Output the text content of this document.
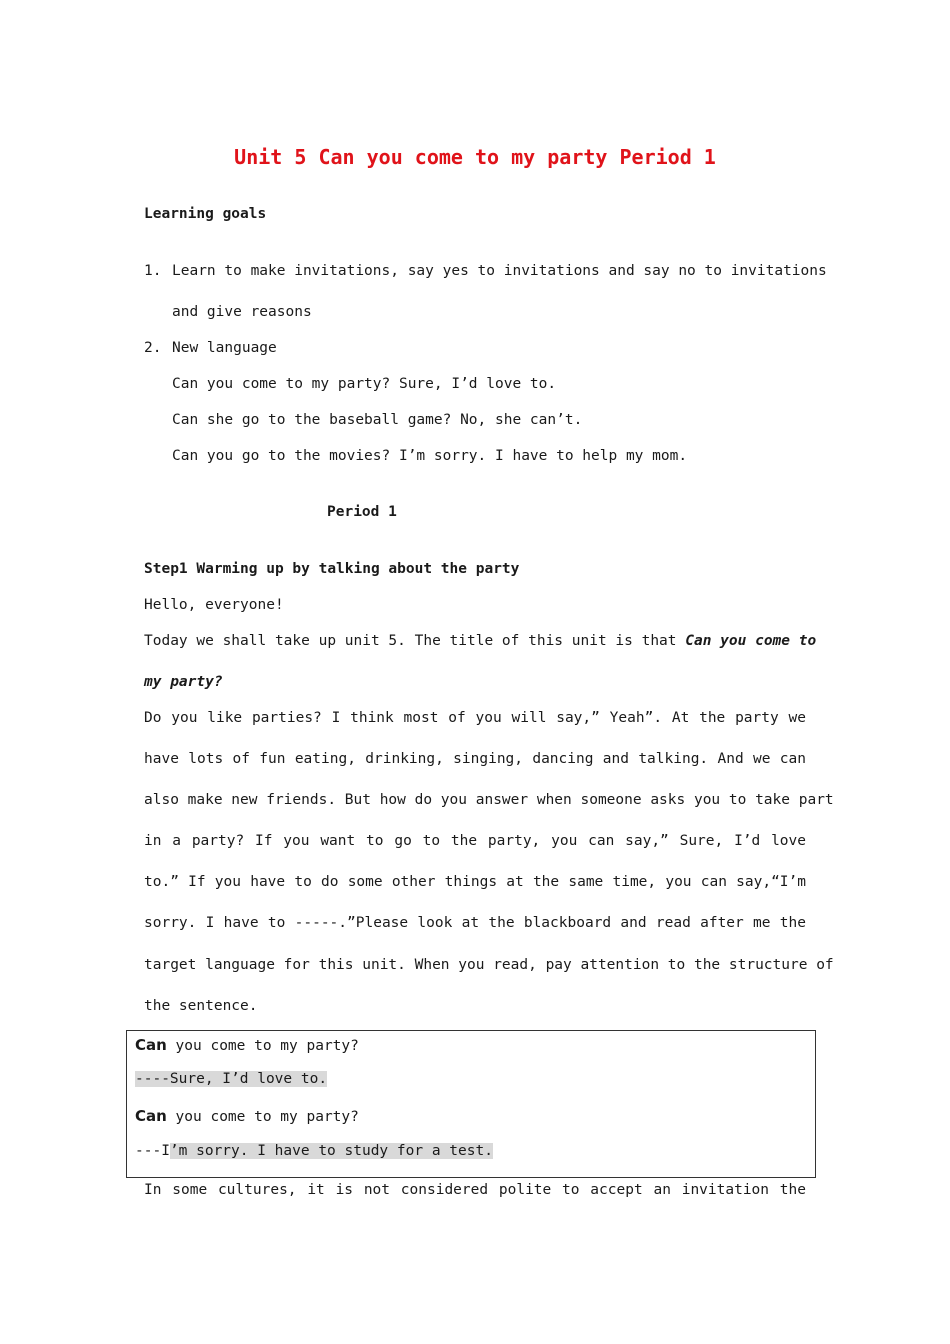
Unit 5 Can you come to my party Period 1
Learning goals
1. Learn to make invitations, say yes to invitations and say no to invitations
and give reasons
2. New language
Can you come to my party? Sure, I’d love to.
Can she go to the baseball game? No, she can’t.
Can you go to the movies? I’m sorry. I have to help my mom.
Period 1
Step1 Warming up by talking about the party
Hello, everyone!
Today we shall take up unit 5. The title of this unit is that Can you come to
my party?
Do you like parties? I think most of you will say,” Yeah”. At the party we
have lots of fun eating, drinking, singing, dancing and talking. And we can
also make new friends. But how do you answer when someone asks you to take part
in a party? If you want to go to the party, you can say,” Sure, I’d love
to.” If you have to do some other things at the same time, you can say,“I’m
sorry. I have to -----.”Please look at the blackboard and read after me the
target language for this unit. When you read, pay attention to the structure of
the sentence.
Can you come to my party?
----Sure, I’d love to.
Can you come to my party?
---I’m sorry. I have to study for a test.
In some cultures, it is not considered polite to accept an invitation the
